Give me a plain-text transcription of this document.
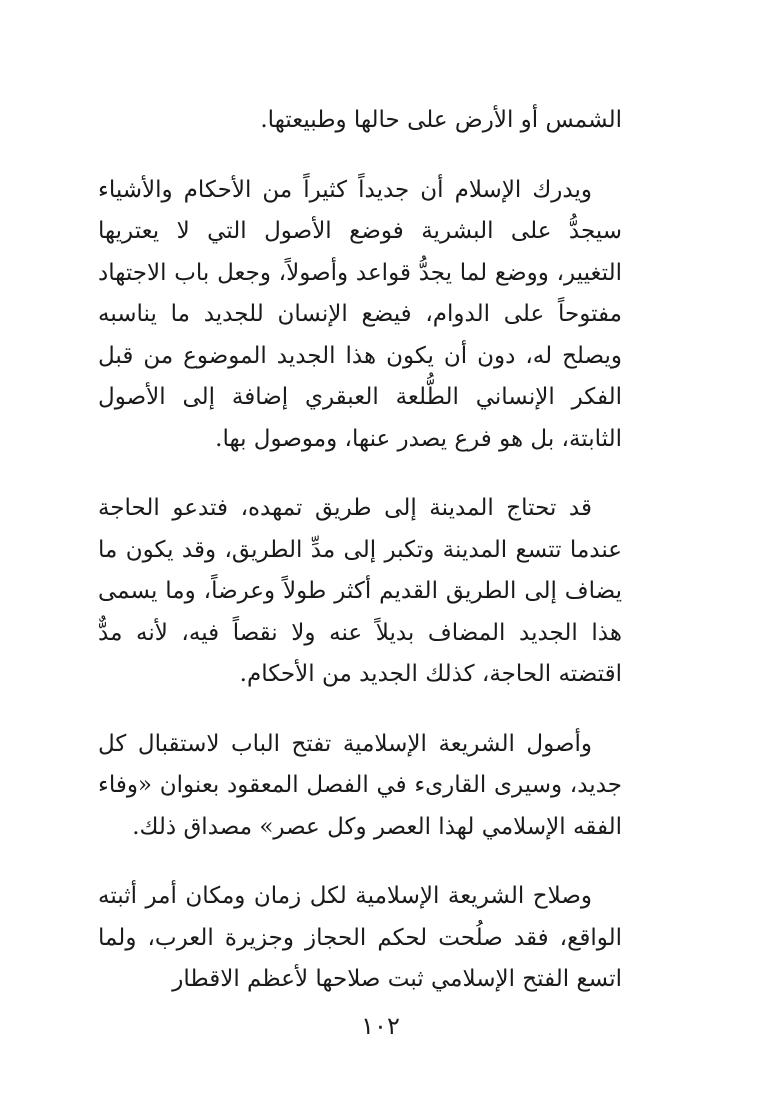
الشمس أو الأرض على حالها وطبيعتها.

ويدرك الإسلام أن جديداً كثيراً من الأحكام والأشياء سيجدُّ على البشرية فوضع الأصول التي لا يعتريها التغيير، ووضع لما يجدُّ قواعد وأصولاً، وجعل باب الاجتهاد مفتوحاً على الدوام، فيضع الإنسان للجديد ما يناسبه ويصلح له، دون أن يكون هذا الجديد الموضوع من قبل الفكر الإنساني الطُّلعة العبقري إضافة إلى الأصول الثابتة، بل هو فرع يصدر عنها، وموصول بها.

قد تحتاج المدينة إلى طريق تمهده، فتدعو الحاجة عندما تتسع المدينة وتكبر إلى مدِّ الطريق، وقد يكون ما يضاف إلى الطريق القديم أكثر طولاً وعرضاً، وما يسمى هذا الجديد المضاف بديلاً عنه ولا نقصاً فيه، لأنه مدٌّ اقتضته الحاجة، كذلك الجديد من الأحكام.

وأصول الشريعة الإسلامية تفتح الباب لاستقبال كل جديد، وسيرى القارىء في الفصل المعقود بعنوان «وفاء الفقه الإسلامي لهذا العصر وكل عصر» مصداق ذلك.

وصلاح الشريعة الإسلامية لكل زمان ومكان أمر أثبته الواقع، فقد صلُحت لحكم الحجاز وجزيرة العرب، ولما اتسع الفتح الإسلامي ثبت صلاحها لأعظم الاقطار

١٠٢
